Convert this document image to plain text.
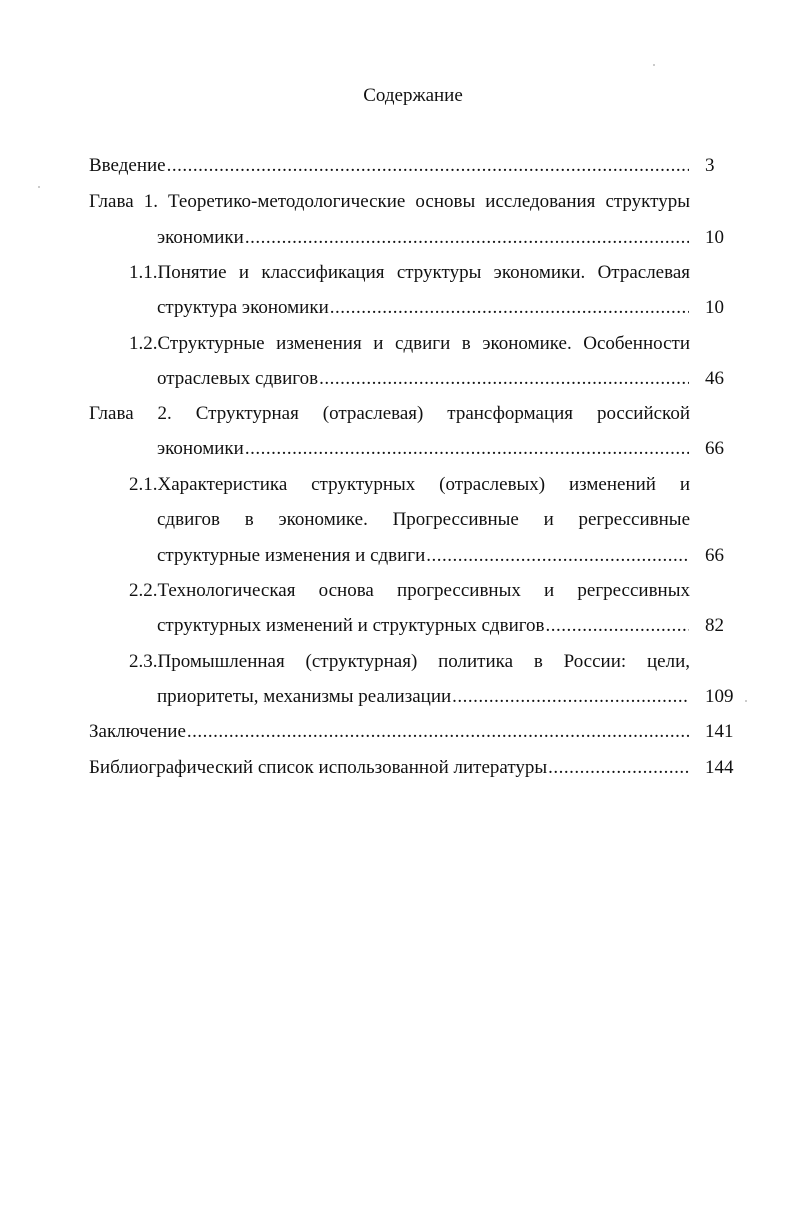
Содержание
Введение .....	3
Глава 1. Теоретико-методологические основы исследования структуры
экономики .....	10
1.1.Понятие и классификация структуры экономики. Отраслевая
структура экономики .....	10
1.2.Структурные изменения и сдвиги в экономике. Особенности
отраслевых сдвигов .....	46
Глава 2. Структурная (отраслевая) трансформация российской
экономики .....	66
2.1.Характеристика структурных (отраслевых) изменений и
сдвигов в экономике. Прогрессивные и регрессивные
структурные изменения и сдвиги .....	66
2.2.Технологическая основа прогрессивных и регрессивных
структурных изменений и структурных сдвигов .....	82
2.3.Промышленная (структурная) политика в России: цели,
приоритеты, механизмы реализации .....	109
Заключение .....	141
Библиографический список использованной литературы .....	144
